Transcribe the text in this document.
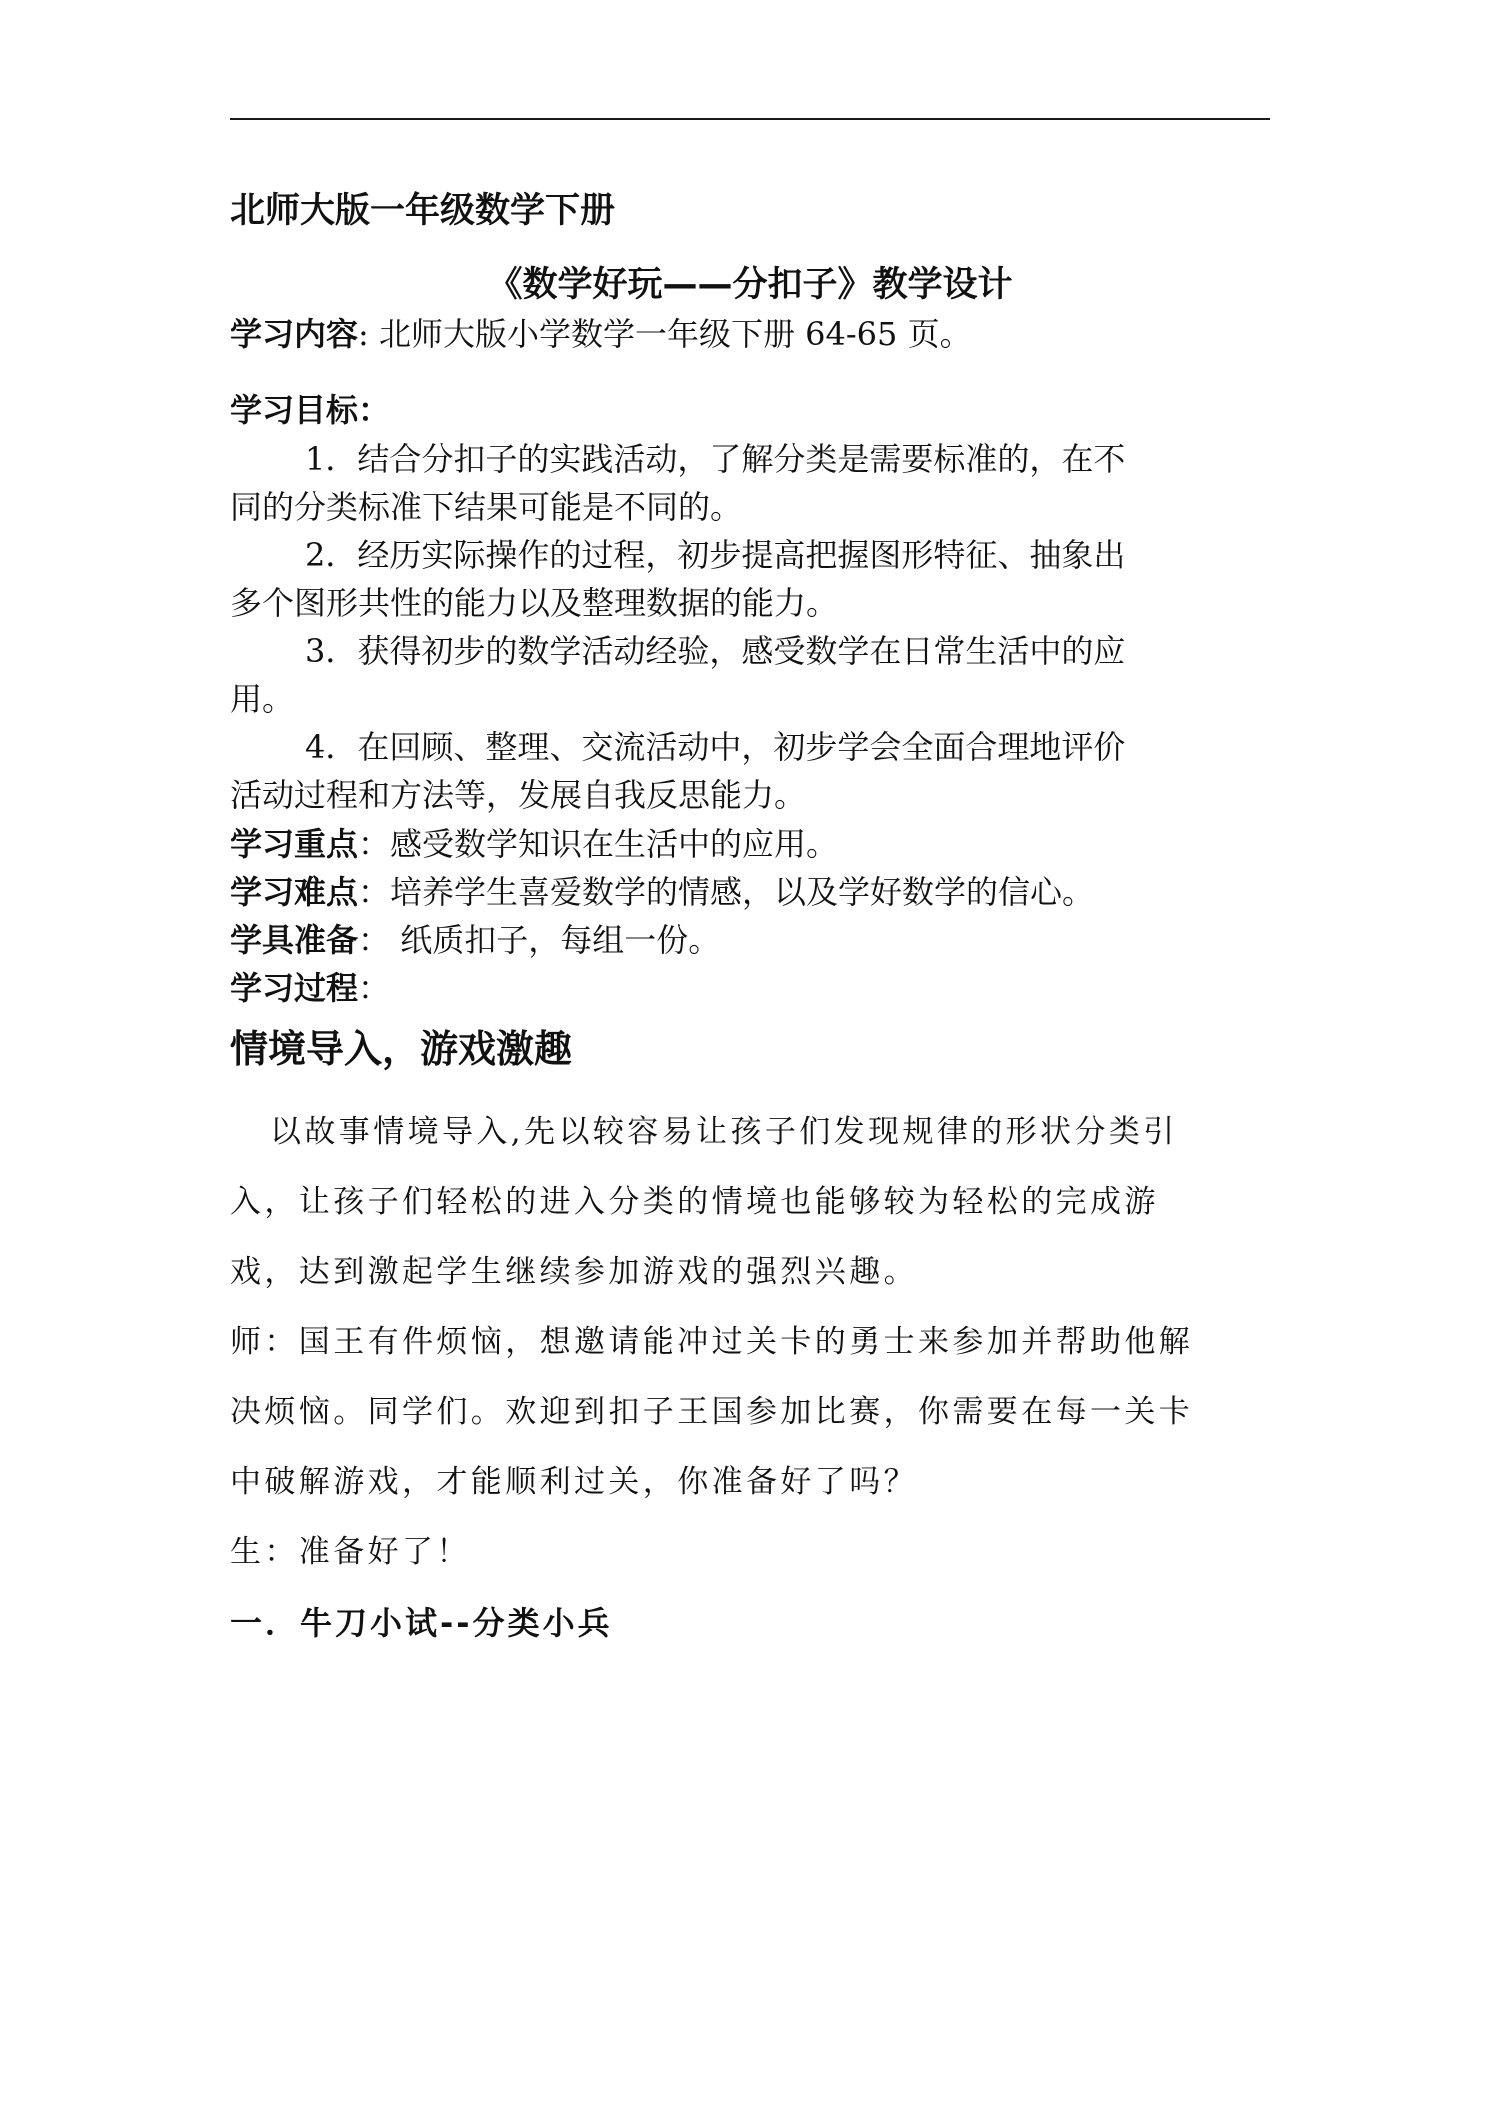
北师大版一年级数学下册
《数学好玩——分扣子》教学设计
学习内容: 北师大版小学数学一年级下册 64-65 页。
学习目标：
1．结合分扣子的实践活动，了解分类是需要标准的，在不
同的分类标准下结果可能是不同的。
2．经历实际操作的过程，初步提高把握图形特征、抽象出
多个图形共性的能力以及整理数据的能力。
3．获得初步的数学活动经验，感受数学在日常生活中的应
用。
4．在回顾、整理、交流活动中，初步学会全面合理地评价
活动过程和方法等，发展自我反思能力。
学习重点：感受数学知识在生活中的应用。
学习难点：培养学生喜爱数学的情感，以及学好数学的信心。
学具准备： 纸质扣子，每组一份。
学习过程：
情境导入，游戏激趣
以故事情境导入,先以较容易让孩子们发现规律的形状分类引
入，让孩子们轻松的进入分类的情境也能够较为轻松的完成游
戏，达到激起学生继续参加游戏的强烈兴趣。
师：国王有件烦恼，想邀请能冲过关卡的勇士来参加并帮助他解
决烦恼。同学们。欢迎到扣子王国参加比赛，你需要在每一关卡
中破解游戏，才能顺利过关，你准备好了吗？
生：准备好了！
一．牛刀小试--分类小兵
